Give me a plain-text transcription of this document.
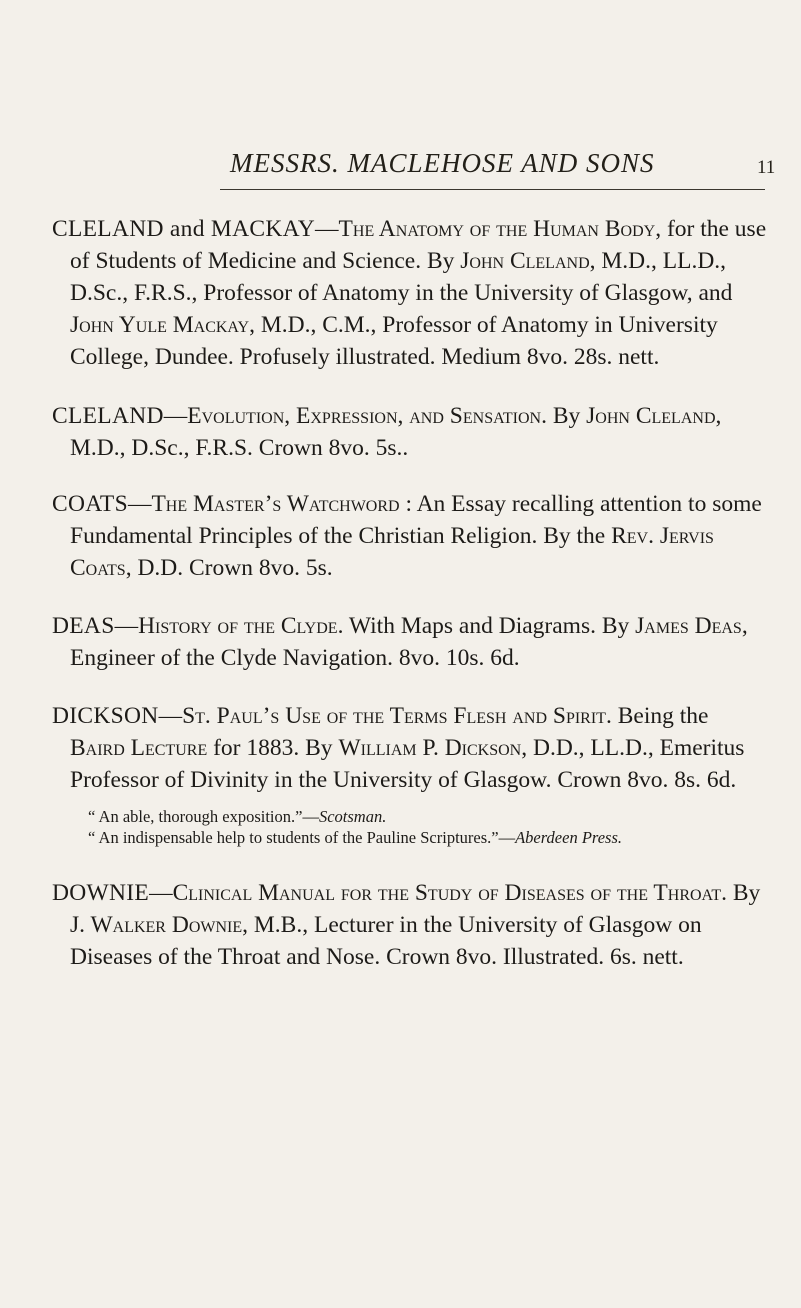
MESSRS. MACLEHOSE AND SONS	11

CLELAND and MACKAY—The Anatomy of the Human Body, for the use of Students of Medicine and Science. By John Cleland, M.D., LL.D., D.Sc., F.R.S., Professor of Anatomy in the University of Glasgow, and John Yule Mackay, M.D., C.M., Professor of Anatomy in University College, Dundee. Profusely illustrated. Medium 8vo. 28s. nett.

CLELAND—Evolution, Expression, and Sensation. By John Cleland, M.D., D.Sc., F.R.S. Crown 8vo. 5s..

COATS—The Master’s Watchword : An Essay recalling attention to some Fundamental Principles of the Christian Religion. By the Rev. Jervis Coats, D.D. Crown 8vo. 5s.

DEAS—History of the Clyde. With Maps and Diagrams. By James Deas, Engineer of the Clyde Navigation. 8vo. 10s. 6d.

DICKSON—St. Paul’s Use of the Terms Flesh and Spirit. Being the Baird Lecture for 1883. By William P. Dickson, D.D., LL.D., Emeritus Professor of Divinity in the University of Glasgow. Crown 8vo. 8s. 6d.

“ An able, thorough exposition.”—Scotsman.

“ An indispensable help to students of the Pauline Scriptures.”—Aberdeen Press.

DOWNIE—Clinical Manual for the Study of Diseases of the Throat. By J. Walker Downie, M.B., Lecturer in the University of Glasgow on Diseases of the Throat and Nose. Crown 8vo. Illustrated. 6s. nett.
